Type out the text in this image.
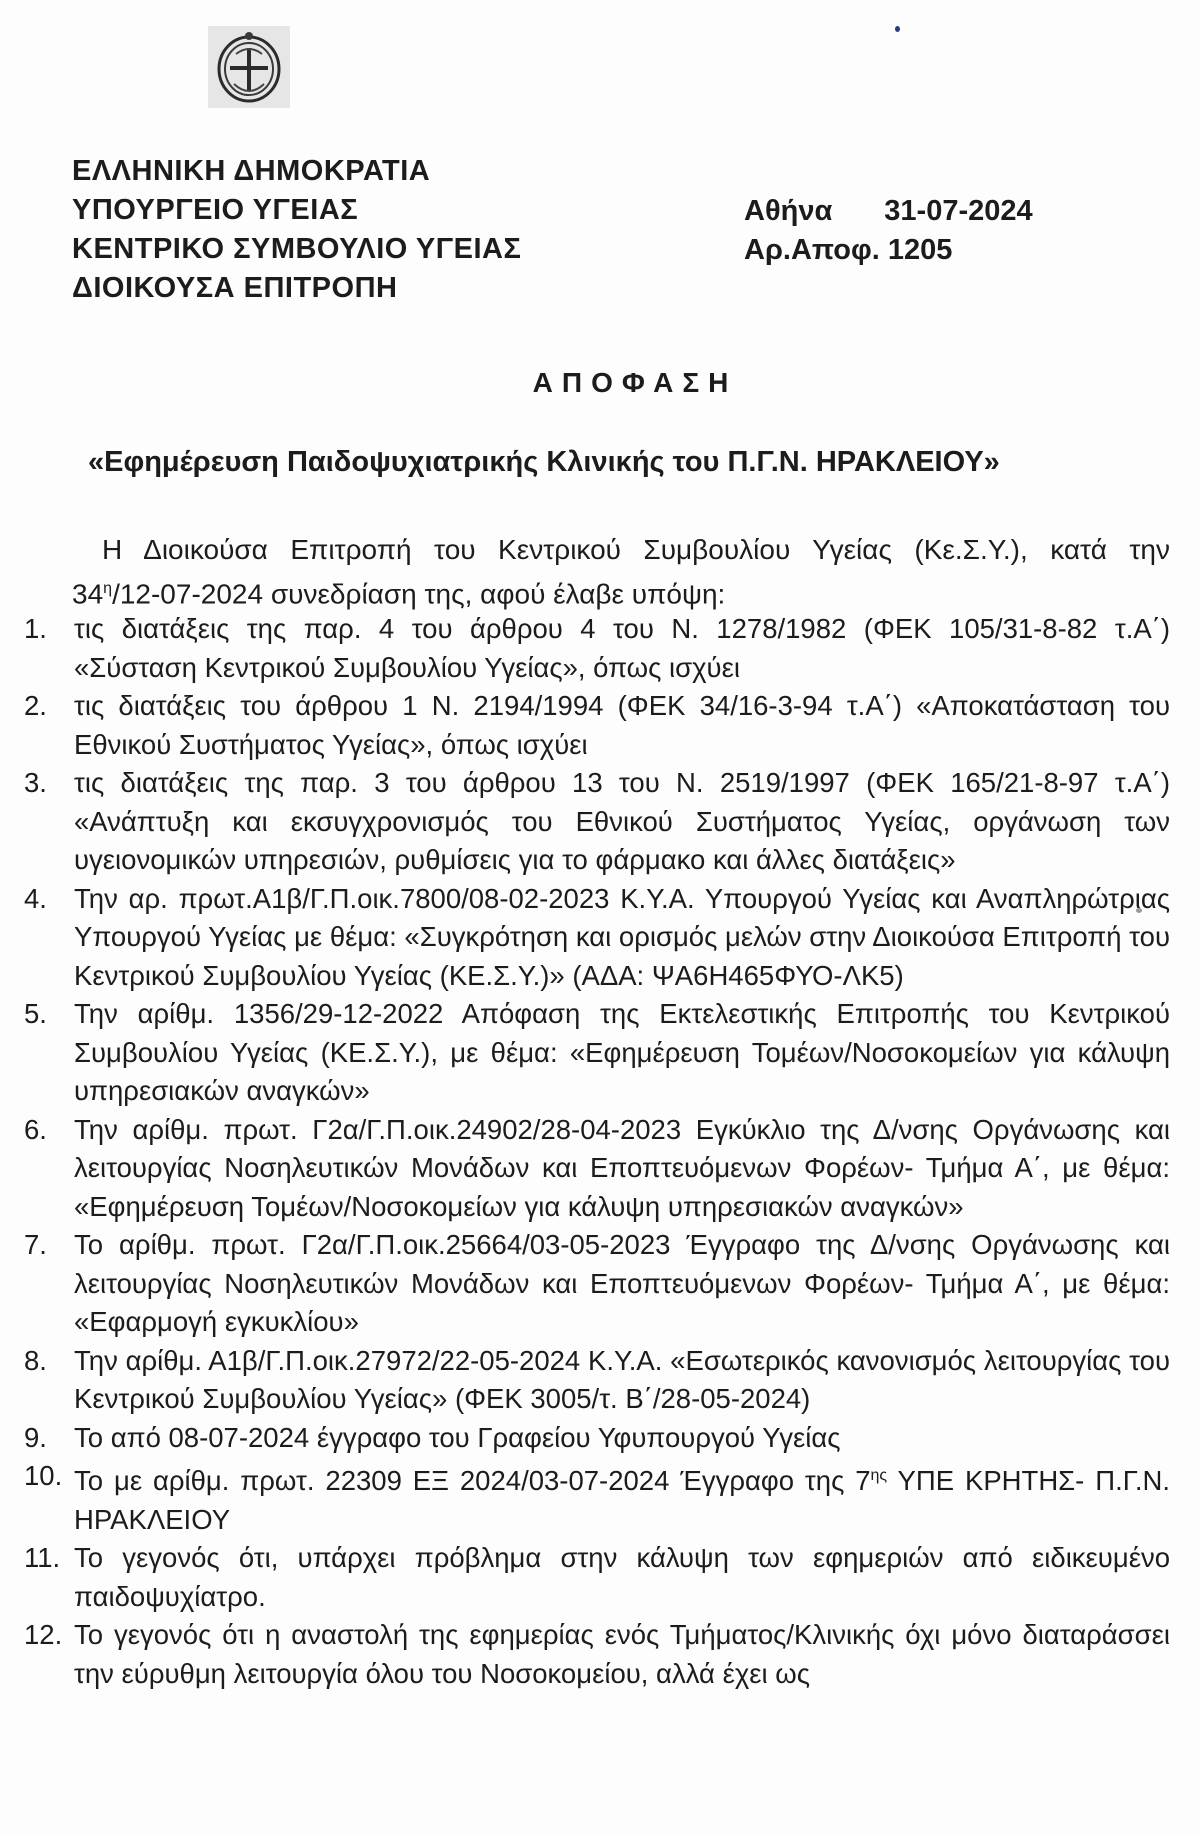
ΕΛΛΗΝΙΚΗ ΔΗΜΟΚΡΑΤΙΑ
ΥΠΟΥΡΓΕΙΟ ΥΓΕΙΑΣ
ΚΕΝΤΡΙΚΟ ΣΥΜΒΟΥΛΙΟ ΥΓΕΙΑΣ
ΔΙΟΙΚΟΥΣΑ ΕΠΙΤΡΟΠΗ
Αθήνα 31-07-2024
Αρ.Αποφ. 1205
ΑΠΟΦΑΣΗ
«Εφημέρευση Παιδοψυχιατρικής Κλινικής του Π.Γ.Ν. ΗΡΑΚΛΕΙΟΥ»
Η Διοικούσα Επιτροπή του Κεντρικού Συμβουλίου Υγείας (Κε.Σ.Υ.), κατά την
$34^\eta/12-07-2024$ συνεδρίαση της, αφού έλαβε υπόψη:
1. τις διατάξεις της παρ. 4 του άρθρου 4 του Ν. 1278/1982 (ΦΕΚ 105/31-8-82 τ.Α΄) «Σύσταση Κεντρικού Συμβουλίου Υγείας», όπως ισχύει
2. τις διατάξεις του άρθρου 1 Ν. 2194/1994 (ΦΕΚ 34/16-3-94 τ.Α΄) «Αποκατάσταση του Εθνικού Συστήματος Υγείας», όπως ισχύει
3. τις διατάξεις της παρ. 3 του άρθρου 13 του Ν. 2519/1997 (ΦΕΚ 165/21-8-97 τ.Α΄) «Ανάπτυξη και εκσυγχρονισμός του Εθνικού Συστήματος Υγείας, οργάνωση των υγειονομικών υπηρεσιών, ρυθμίσεις για το φάρμακο και άλλες διατάξεις»
4. Την αρ. πρωτ.Α1β/Γ.Π.οικ.7800/08-02-2023 Κ.Υ.Α. Υπουργού Υγείας και Αναπληρώτριας Υπουργού Υγείας με θέμα: «Συγκρότηση και ορισμός μελών στην Διοικούσα Επιτροπή του Κεντρικού Συμβουλίου Υγείας (ΚΕ.Σ.Υ.)» (ΑΔΑ: ΨΑ6Η465ΦΥΟ-ΛΚ5)
5. Την αρίθμ. 1356/29-12-2022 Απόφαση της Εκτελεστικής Επιτροπής του Κεντρικού Συμβουλίου Υγείας (ΚΕ.Σ.Υ.), με θέμα: «Εφημέρευση Τομέων/Νοσοκομείων για κάλυψη υπηρεσιακών αναγκών»
6. Την αρίθμ. πρωτ. Γ2α/Γ.Π.οικ.24902/28-04-2023 Εγκύκλιο της Δ/νσης Οργάνωσης και λειτουργίας Νοσηλευτικών Μονάδων και Εποπτευόμενων Φορέων- Τμήμα Α΄, με θέμα: «Εφημέρευση Τομέων/Νοσοκομείων για κάλυψη υπηρεσιακών αναγκών»
7. Το αρίθμ. πρωτ. Γ2α/Γ.Π.οικ.25664/03-05-2023 Έγγραφο της Δ/νσης Οργάνωσης και λειτουργίας Νοσηλευτικών Μονάδων και Εποπτευόμενων Φορέων- Τμήμα Α΄, με θέμα: «Εφαρμογή εγκυκλίου»
8. Την αρίθμ. Α1β/Γ.Π.οικ.27972/22-05-2024 Κ.Υ.Α. «Εσωτερικός κανονισμός λειτουργίας του Κεντρικού Συμβουλίου Υγείας» (ΦΕΚ 3005/τ. Β΄/28-05-2024)
9. Το από 08-07-2024 έγγραφο του Γραφείου Υφυπουργού Υγείας
10. Το με αρίθμ. πρωτ. 22309 ΕΞ 2024/03-07-2024 Έγγραφο της $7^{\eta\varsigma}$ ΥΠΕ ΚΡΗΤΗΣ- Π.Γ.Ν. ΗΡΑΚΛΕΙΟΥ
11. Το γεγονός ότι, υπάρχει πρόβλημα στην κάλυψη των εφημεριών από ειδικευμένο παιδοψυχίατρο.
12. Το γεγονός ότι η αναστολή της εφημερίας ενός Τμήματος/Κλινικής όχι μόνο διαταράσσει την εύρυθμη λειτουργία όλου του Νοσοκομείου, αλλά έχει ως
